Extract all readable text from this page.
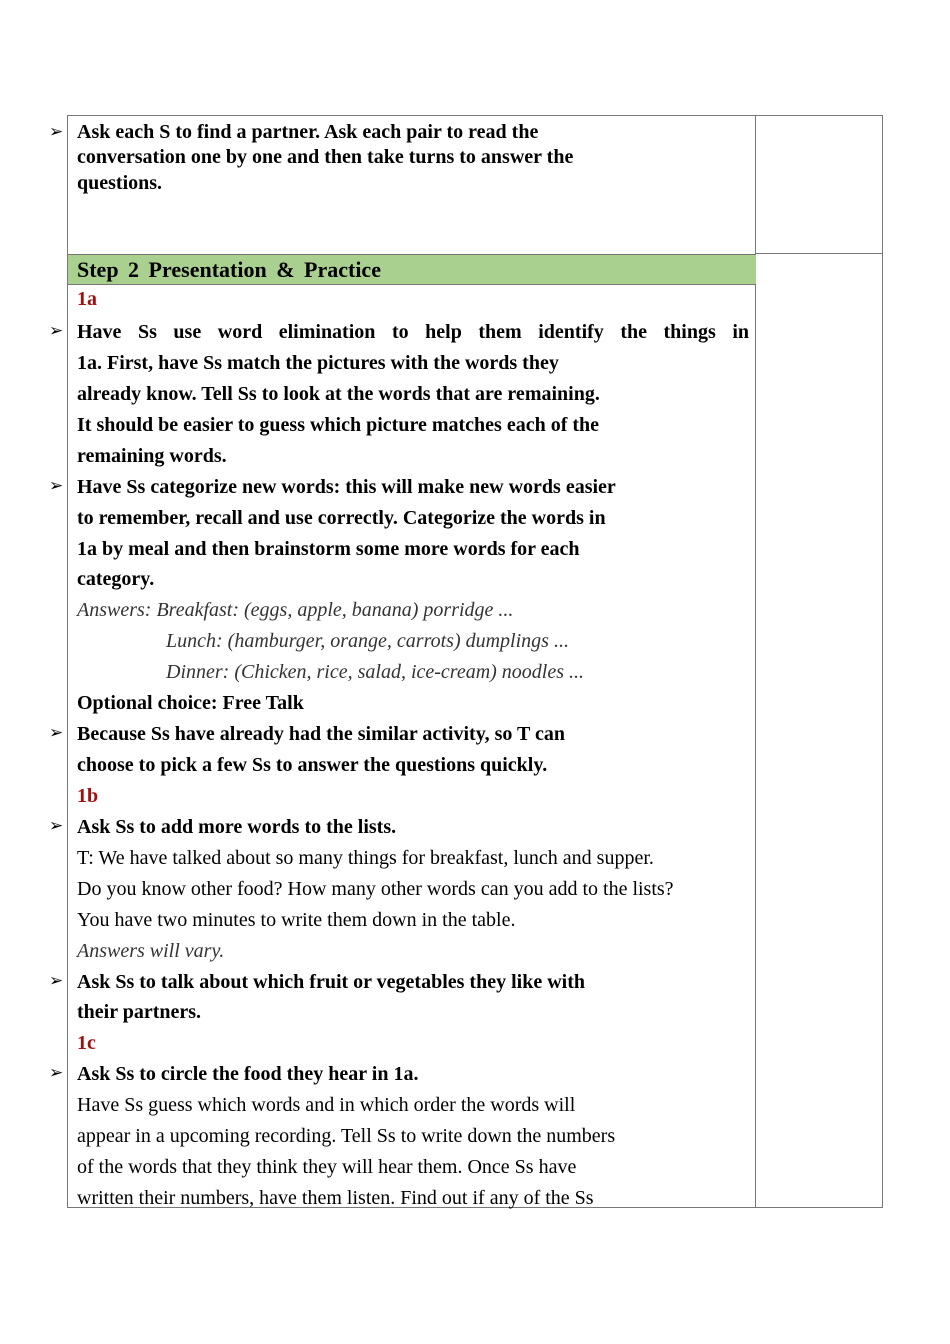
Step 2 Presentation & Practice
➢ Ask each S to find a partner. Ask each pair to read the
conversation one by one and then take turns to answer the
questions.
1a
➢ Have Ss use word elimination to help them identify the things in
1a. First, have Ss match the pictures with the words they
already know. Tell Ss to look at the words that are remaining.
It should be easier to guess which picture matches each of the
remaining words.
➢ Have Ss categorize new words: this will make new words easier
to remember, recall and use correctly. Categorize the words in
1a by meal and then brainstorm some more words for each
category.
Answers: Breakfast: (eggs, apple, banana) porridge ...
Lunch: (hamburger, orange, carrots) dumplings ...
Dinner: (Chicken, rice, salad, ice-cream) noodles ...
Optional choice: Free Talk
➢ Because Ss have already had the similar activity, so T can
choose to pick a few Ss to answer the questions quickly.
1b
➢ Ask Ss to add more words to the lists.
T: We have talked about so many things for breakfast, lunch and supper.
Do you know other food? How many other words can you add to the lists?
You have two minutes to write them down in the table.
Answers will vary.
➢ Ask Ss to talk about which fruit or vegetables they like with
their partners.
1c
➢ Ask Ss to circle the food they hear in 1a.
Have Ss guess which words and in which order the words will
appear in a upcoming recording. Tell Ss to write down the numbers
of the words that they think they will hear them. Once Ss have
written their numbers, have them listen. Find out if any of the Ss
